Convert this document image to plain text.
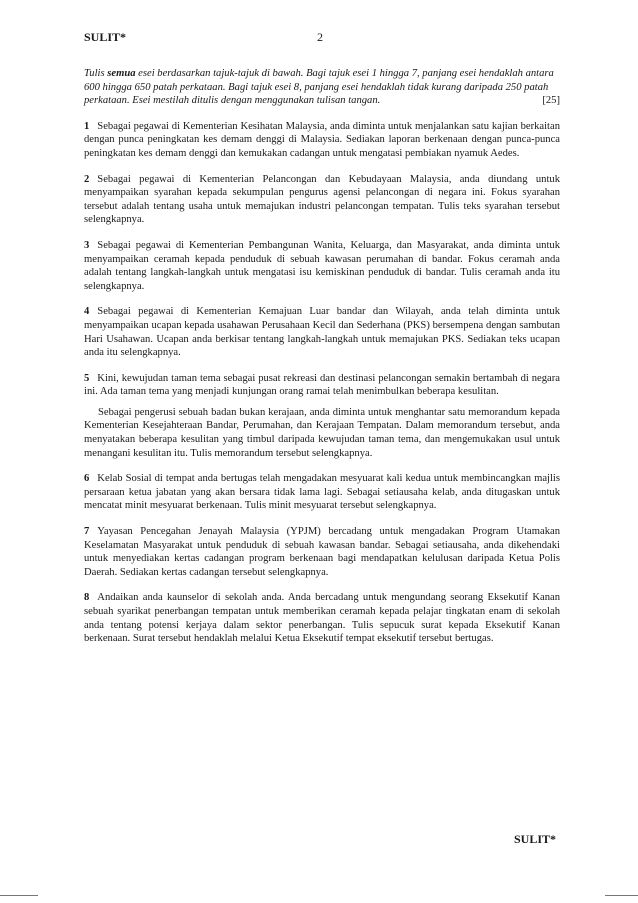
SULIT*	2

Tulis semua esei berdasarkan tajuk-tajuk di bawah. Bagi tajuk esei 1 hingga 7, panjang esei hendaklah antara 600 hingga 650 patah perkataan. Bagi tajuk esei 8, panjang esei hendaklah tidak kurang daripada 250 patah perkataan. Esei mestilah ditulis dengan menggunakan tulisan tangan.	[25]

1 Sebagai pegawai di Kementerian Kesihatan Malaysia, anda diminta untuk menjalankan satu kajian berkaitan dengan punca peningkatan kes demam denggi di Malaysia. Sediakan laporan berkenaan dengan punca-punca peningkatan kes demam denggi dan kemukakan cadangan untuk mengatasi pembiakan nyamuk Aedes.

2 Sebagai pegawai di Kementerian Pelancongan dan Kebudayaan Malaysia, anda diundang untuk menyampaikan syarahan kepada sekumpulan pengurus agensi pelancongan di negara ini. Fokus syarahan tersebut adalah tentang usaha untuk memajukan industri pelancongan tempatan. Tulis teks syarahan tersebut selengkapnya.

3 Sebagai pegawai di Kementerian Pembangunan Wanita, Keluarga, dan Masyarakat, anda diminta untuk menyampaikan ceramah kepada penduduk di sebuah kawasan perumahan di bandar. Fokus ceramah anda adalah tentang langkah-langkah untuk mengatasi isu kemiskinan penduduk di bandar. Tulis ceramah anda itu selengkapnya.

4 Sebagai pegawai di Kementerian Kemajuan Luar bandar dan Wilayah, anda telah diminta untuk menyampaikan ucapan kepada usahawan Perusahaan Kecil dan Sederhana (PKS) bersempena dengan sambutan Hari Usahawan. Ucapan anda berkisar tentang langkah-langkah untuk memajukan PKS. Sediakan teks ucapan anda itu selengkapnya.

5 Kini, kewujudan taman tema sebagai pusat rekreasi dan destinasi pelancongan semakin bertambah di negara ini. Ada taman tema yang menjadi kunjungan orang ramai telah menimbulkan beberapa kesulitan.
Sebagai pengerusi sebuah badan bukan kerajaan, anda diminta untuk menghantar satu memorandum kepada Kementerian Kesejahteraan Bandar, Perumahan, dan Kerajaan Tempatan. Dalam memorandum tersebut, anda menyatakan beberapa kesulitan yang timbul daripada kewujudan taman tema, dan mengemukakan usul untuk menangani kesulitan itu. Tulis memorandum tersebut selengkapnya.

6 Kelab Sosial di tempat anda bertugas telah mengadakan mesyuarat kali kedua untuk membincangkan majlis persaraan ketua jabatan yang akan bersara tidak lama lagi. Sebagai setiausaha kelab, anda ditugaskan untuk mencatat minit mesyuarat berkenaan. Tulis minit mesyuarat tersebut selengkapnya.

7 Yayasan Pencegahan Jenayah Malaysia (YPJM) bercadang untuk mengadakan Program Utamakan Keselamatan Masyarakat untuk penduduk di sebuah kawasan bandar. Sebagai setiausaha, anda dikehendaki untuk menyediakan kertas cadangan program berkenaan bagi mendapatkan kelulusan daripada Ketua Polis Daerah. Sediakan kertas cadangan tersebut selengkapnya.

8 Andaikan anda kaunselor di sekolah anda. Anda bercadang untuk mengundang seorang Eksekutif Kanan sebuah syarikat penerbangan tempatan untuk memberikan ceramah kepada pelajar tingkatan enam di sekolah anda tentang potensi kerjaya dalam sektor penerbangan. Tulis sepucuk surat kepada Eksekutif Kanan berkenaan. Surat tersebut hendaklah melalui Ketua Eksekutif tempat eksekutif tersebut bertugas.

SULIT*
